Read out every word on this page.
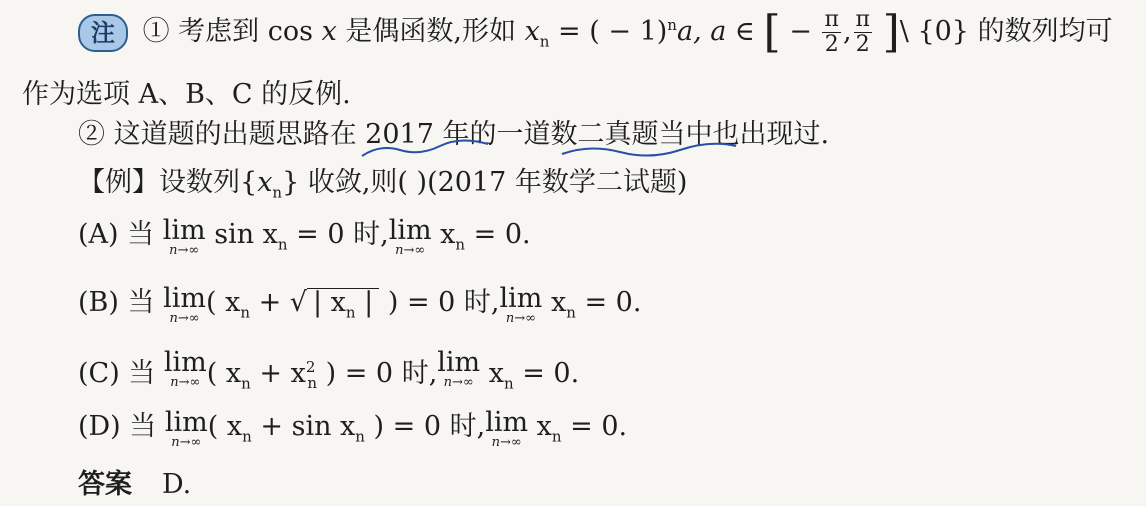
注 ① 考虑到 cos x 是偶函数,形如 $x_n$ = ( − 1)$^n$a, a ∈ [ − $\frac{\pi}{2}$ , $\frac{\pi}{2}$ ]\ {0} 的数列均可
作为选项 A、B、C 的反例.
② 这道题的出题思路在 2017 年的一道数二真题当中也出现过.
【例】设数列$\{x_n\}$ 收敛,则( )(2017 年数学二试题)
(A) 当 lim
n→∞
$\sin x_n = 0$ 时, lim
n→∞
$x_n = 0$.
(B) 当 lim
n→∞
( $x_n$ + √ | $x_n$ | ) = 0 时, lim
n→∞
$x_n = 0$.
(C) 当 lim
n→∞ ( $x_n + x^2_n$ ) = 0 时, lim
n→∞ $x_n = 0$.
(D) 当 lim
n→∞
( $x_n + \sin x_n$ ) = 0 时, lim
n→∞
$x_n = 0$.
答案 D.
